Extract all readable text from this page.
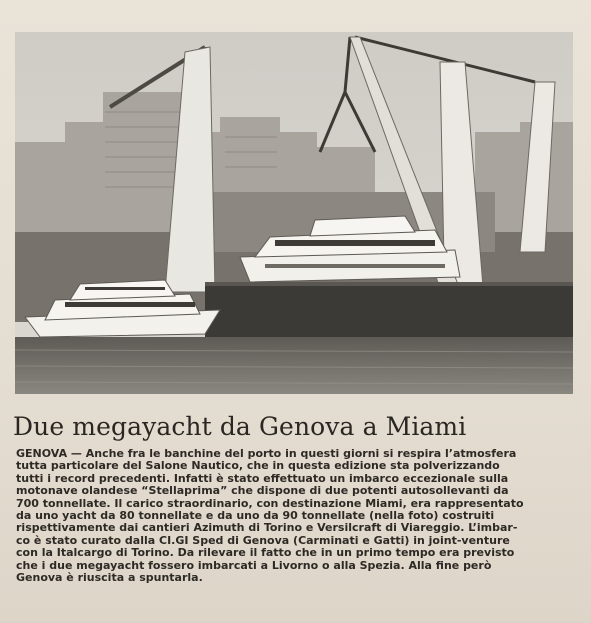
Due megayacht da Genova a Miami
GENOVA — Anche fra le banchine del porto in questi giorni si respira l’atmosfera
tutta particolare del Salone Nautico, che in questa edizione sta polverizzando
tutti i record precedenti. Infatti è stato effettuato un imbarco eccezionale sulla
motonave olandese “Stellaprima” che dispone di due potenti autosollevanti da
700 tonnellate. Il carico straordinario, con destinazione Miami, era rappresentato
da uno yacht da 80 tonnellate e da uno da 90 tonnellate (nella foto) costruiti
rispettivamente dai cantieri Azimuth di Torino e Versilcraft di Viareggio. L’imbar-
co è stato curato dalla CI.GI Sped di Genova (Carminati e Gatti) in joint-venture
con la Italcargo di Torino. Da rilevare il fatto che in un primo tempo era previsto
che i due megayacht fossero imbarcati a Livorno o alla Spezia. Alla fine però
Genova è riuscita a spuntarla.
